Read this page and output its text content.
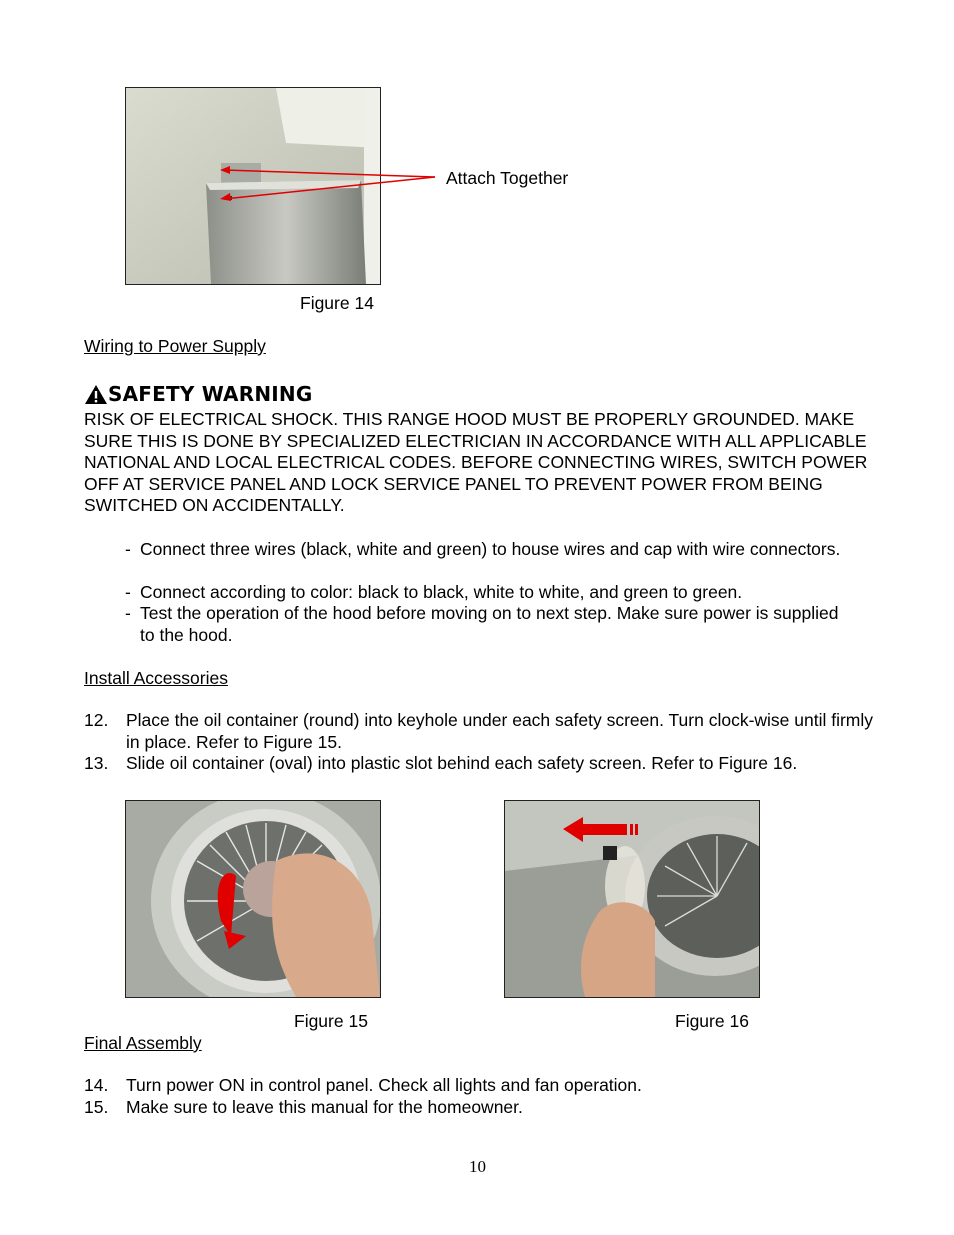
Attach Together
Figure 14
Wiring to Power Supply
SAFETY WARNING
RISK OF ELECTRICAL SHOCK. THIS RANGE HOOD MUST BE PROPERLY GROUNDED. MAKE SURE THIS IS DONE BY SPECIALIZED ELECTRICIAN IN ACCORDANCE WITH ALL APPLICABLE NATIONAL AND LOCAL ELECTRICAL CODES. BEFORE CONNECTING WIRES, SWITCH POWER OFF AT SERVICE PANEL AND LOCK SERVICE PANEL TO PREVENT POWER FROM BEING SWITCHED ON ACCIDENTALLY.
- Connect three wires (black, white and green) to house wires and cap with wire connectors.
- Connect according to color: black to black, white to white, and green to green.
- Test the operation of the hood before moving on to next step. Make sure power is supplied to the hood.
Install Accessories
12. Place the oil container (round) into keyhole under each safety screen. Turn clock-wise until firmly in place. Refer to Figure 15.
13. Slide oil container (oval) into plastic slot behind each safety screen. Refer to Figure 16.
Figure 15	Figure 16
Final Assembly
14. Turn power ON in control panel. Check all lights and fan operation.
15. Make sure to leave this manual for the homeowner.
10
